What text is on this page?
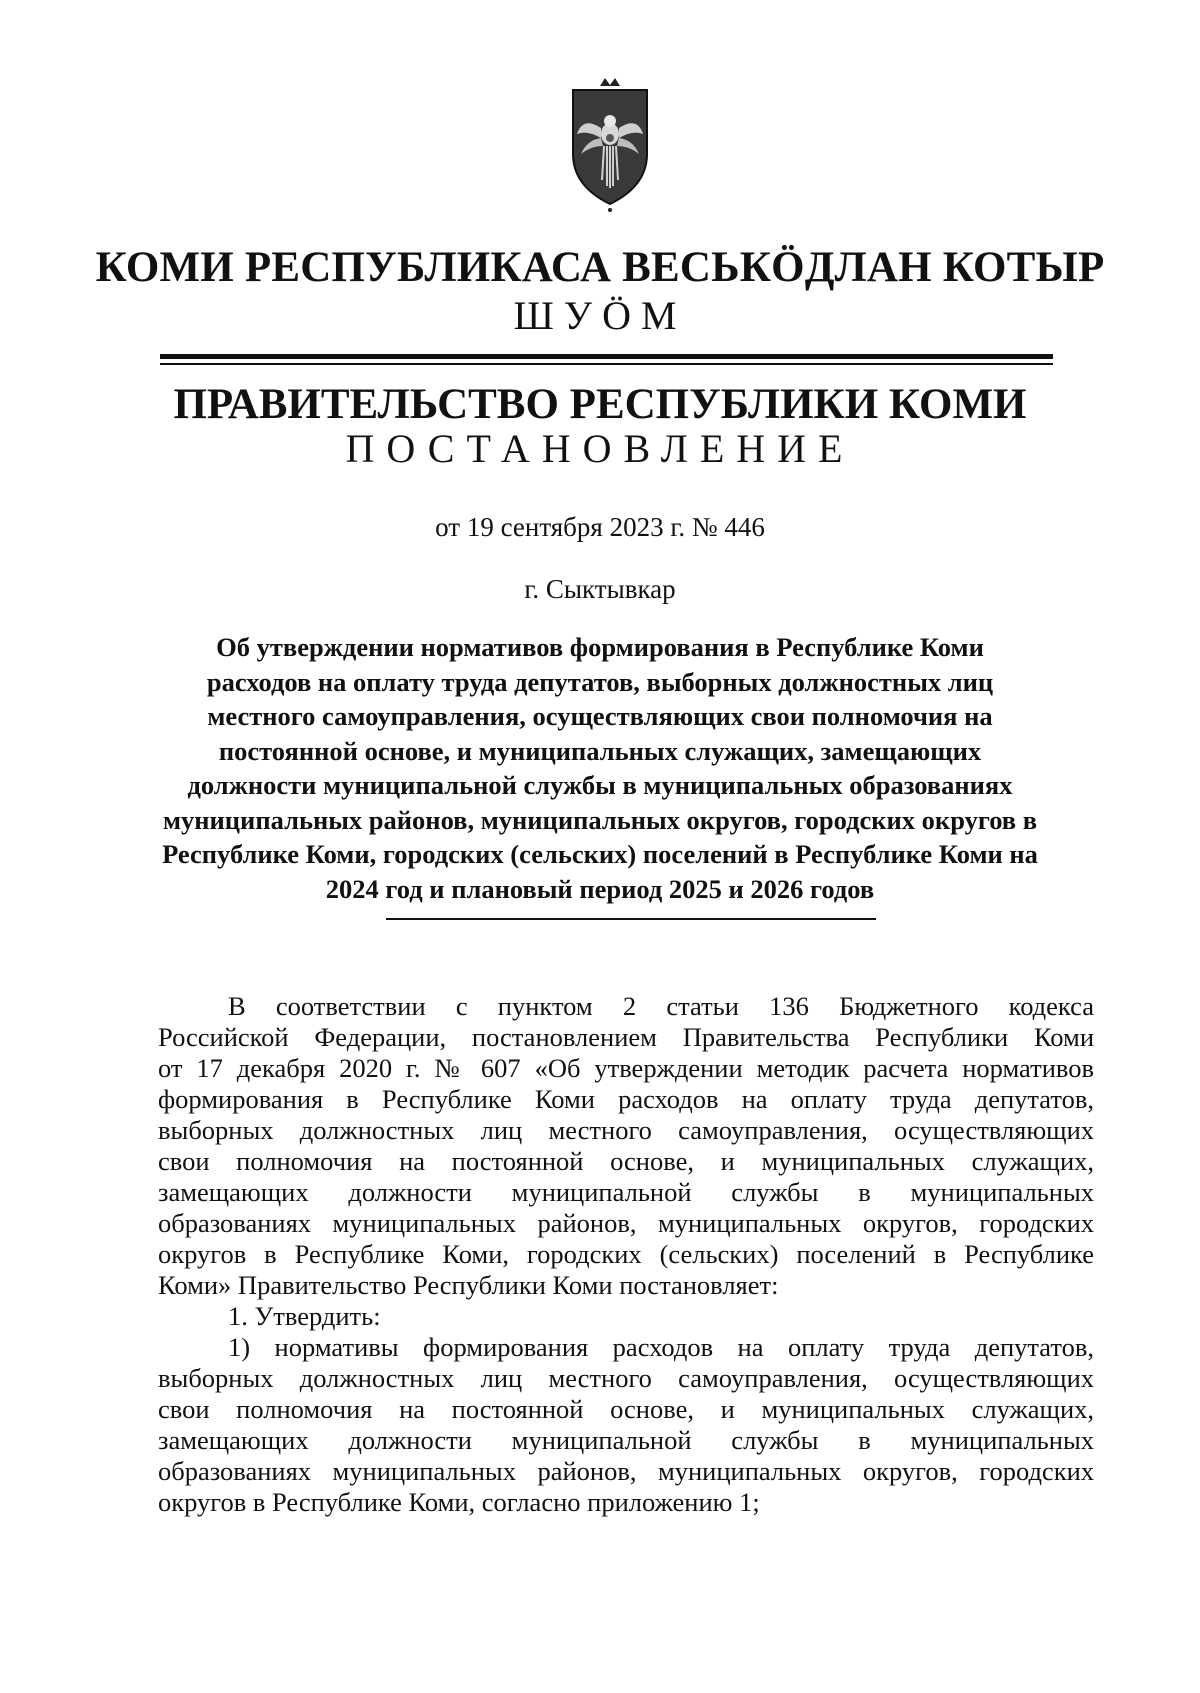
КОМИ РЕСПУБЛИКАСА ВЕСЬКӦДЛАН КОТЫР
ШУӦМ
ПРАВИТЕЛЬСТВО РЕСПУБЛИКИ КОМИ
ПОСТАНОВЛЕНИЕ
от 19 сентября 2023 г. № 446
г. Сыктывкар
Об утверждении нормативов формирования в Республике Коми
расходов на оплату труда депутатов, выборных должностных лиц
местного самоуправления, осуществляющих свои полномочия на
постоянной основе, и муниципальных служащих, замещающих
должности муниципальной службы в муниципальных образованиях
муниципальных районов, муниципальных округов, городских округов в
Республике Коми, городских (сельских) поселений в Республике Коми на
2024 год и плановый период 2025 и 2026 годов
В соответствии с пунктом 2 статьи 136 Бюджетного кодекса
Российской Федерации, постановлением Правительства Республики Коми
от 17 декабря 2020 г. № 607 «Об утверждении методик расчета нормативов
формирования в Республике Коми расходов на оплату труда депутатов,
выборных должностных лиц местного самоуправления, осуществляющих
свои полномочия на постоянной основе, и муниципальных служащих,
замещающих должности муниципальной службы в муниципальных
образованиях муниципальных районов, муниципальных округов, городских
округов в Республике Коми, городских (сельских) поселений в Республике
Коми» Правительство Республики Коми постановляет:
1. Утвердить:
1) нормативы формирования расходов на оплату труда депутатов,
выборных должностных лиц местного самоуправления, осуществляющих
свои полномочия на постоянной основе, и муниципальных служащих,
замещающих должности муниципальной службы в муниципальных
образованиях муниципальных районов, муниципальных округов, городских
округов в Республике Коми, согласно приложению 1;
